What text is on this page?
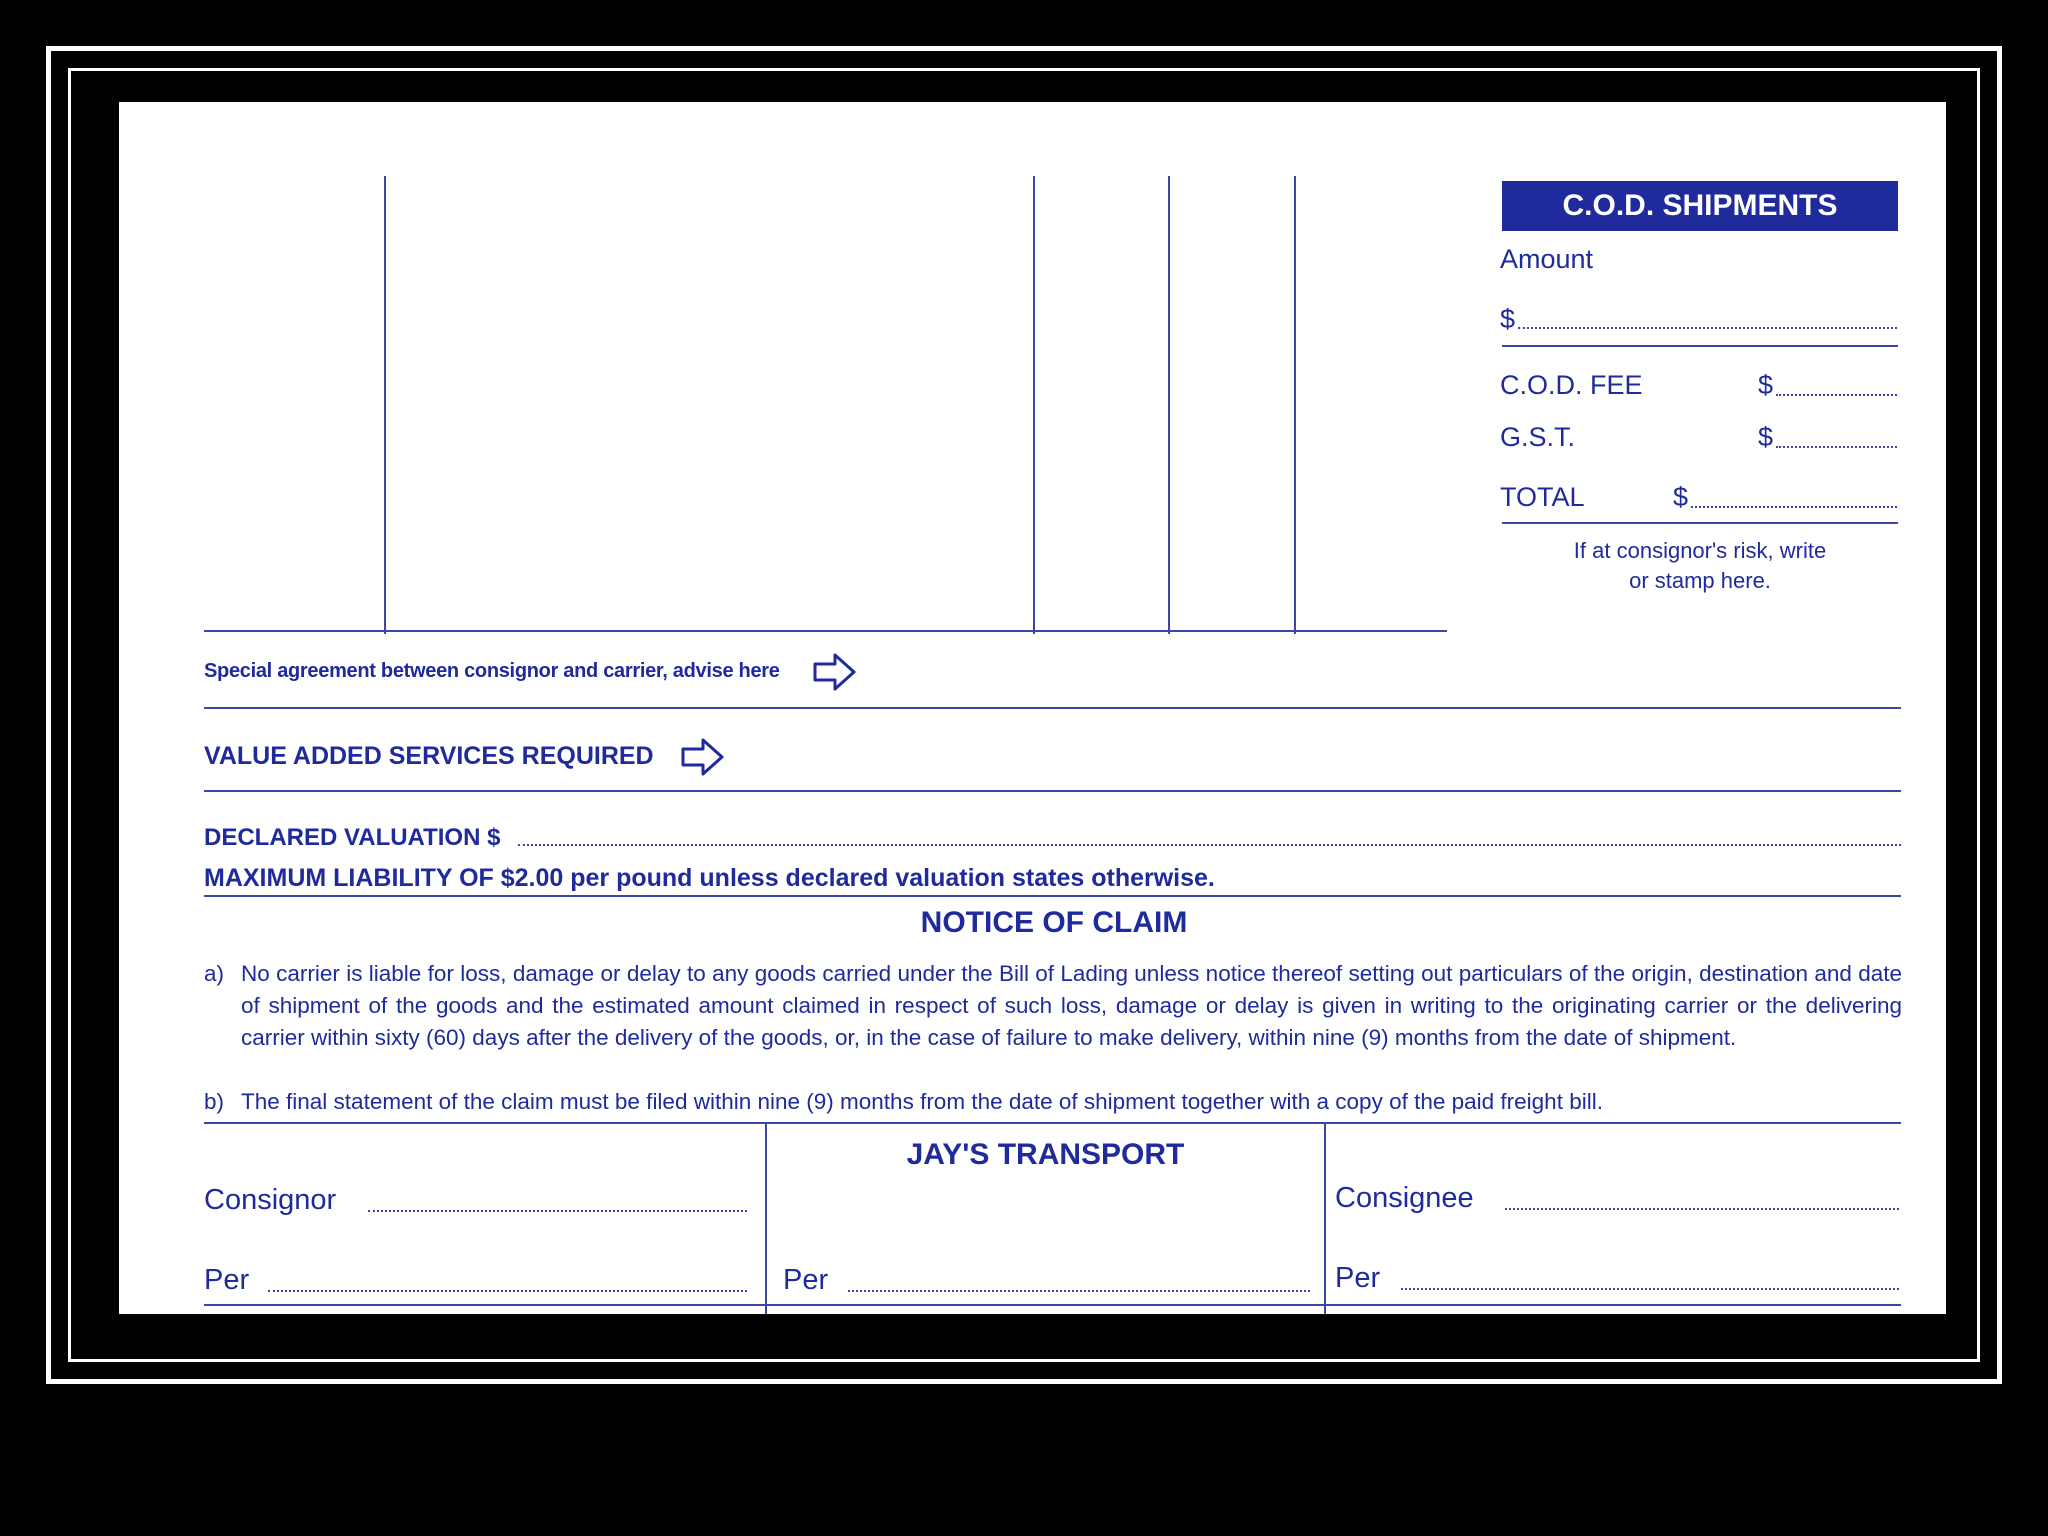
C.O.D. SHIPMENTS
Amount
$
C.O.D. FEE	$
G.S.T.	$
TOTAL	$
If at consignor's risk, write
or stamp here.
Special agreement between consignor and carrier, advise here
VALUE ADDED SERVICES REQUIRED
DECLARED VALUATION $
MAXIMUM LIABILITY OF $2.00 per pound unless declared valuation states otherwise.
NOTICE OF CLAIM
a) No carrier is liable for loss, damage or delay to any goods carried under the Bill of Lading unless notice thereof setting out particulars of the origin, destination and date of shipment of the goods and the estimated amount claimed in respect of such loss, damage or delay is given in writing to the originating carrier or the delivering carrier within sixty (60) days after the delivery of the goods, or, in the case of failure to make delivery, within nine (9) months from the date of shipment.
b) The final statement of the claim must be filed within nine (9) months from the date of shipment together with a copy of the paid freight bill.
Consignor
Per
JAY'S TRANSPORT
Per
Consignee
Per
